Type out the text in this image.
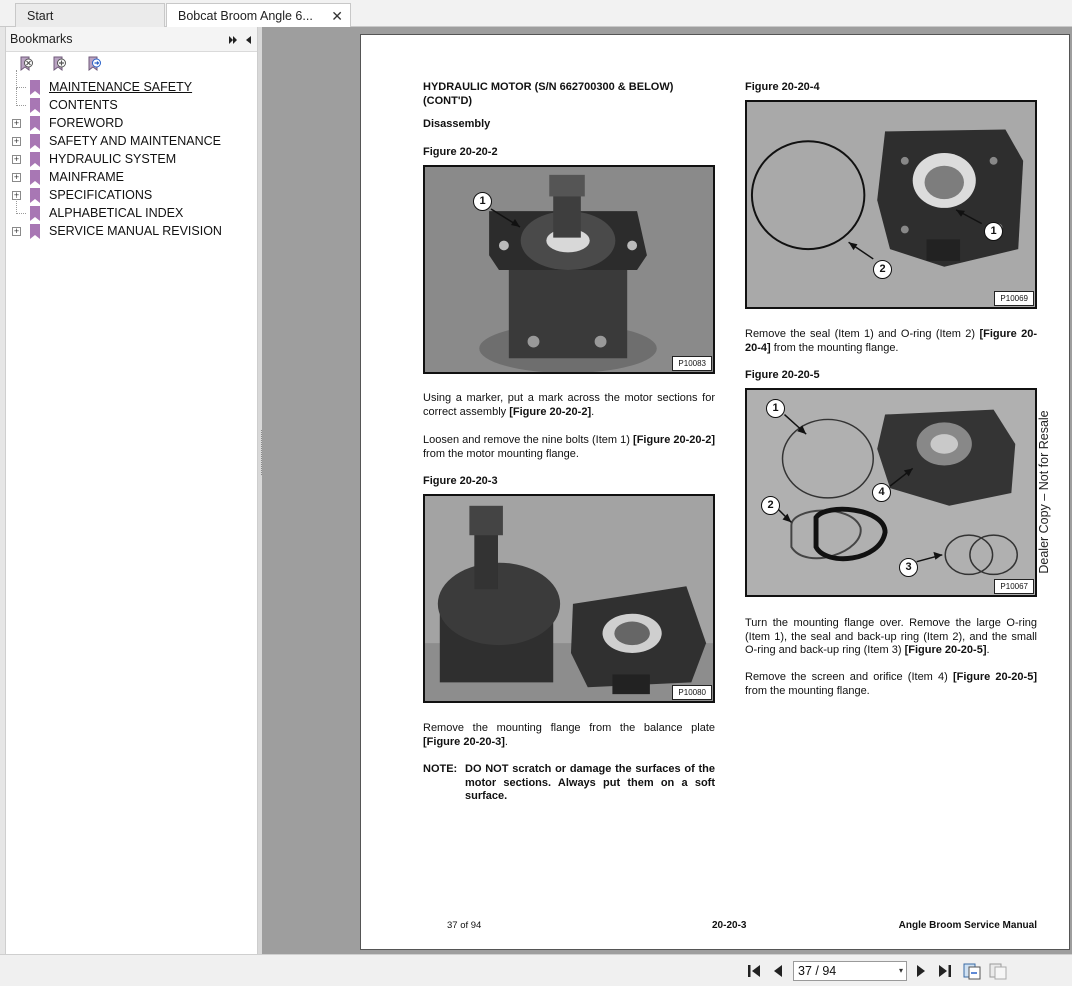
Start	Bobcat Broom Angle 6... ✕
Bookmarks
MAINTENANCE SAFETY
CONTENTS
+ FOREWORD
+ SAFETY AND MAINTENANCE
+ HYDRAULIC SYSTEM
+ MAINFRAME
+ SPECIFICATIONS
ALPHABETICAL INDEX
+ SERVICE MANUAL REVISION
HYDRAULIC MOTOR (S/N 662700300 & BELOW) (CONT'D)
Disassembly
Figure 20-20-2
1
P10083
Using a marker, put a mark across the motor sections for correct assembly [Figure 20-20-2].
Loosen and remove the nine bolts (Item 1) [Figure 20-20-2] from the motor mounting flange.
Figure 20-20-3
P10080
Remove the mounting flange from the balance plate [Figure 20-20-3].
NOTE: DO NOT scratch or damage the surfaces of the motor sections. Always put them on a soft surface.
Figure 20-20-4
1
2
P10069
Remove the seal (Item 1) and O-ring (Item 2) [Figure 20-20-4] from the mounting flange.
Figure 20-20-5
1
2
3
4
P10067
Turn the mounting flange over. Remove the large O-ring (Item 1), the seal and back-up ring (Item 2), and the small O-ring and back-up ring (Item 3) [Figure 20-20-5].
Remove the screen and orifice (Item 4) [Figure 20-20-5] from the mounting flange.
Dealer Copy – Not for Resale
37 of 94	20-20-3	Angle Broom Service Manual
37 / 94	▾
